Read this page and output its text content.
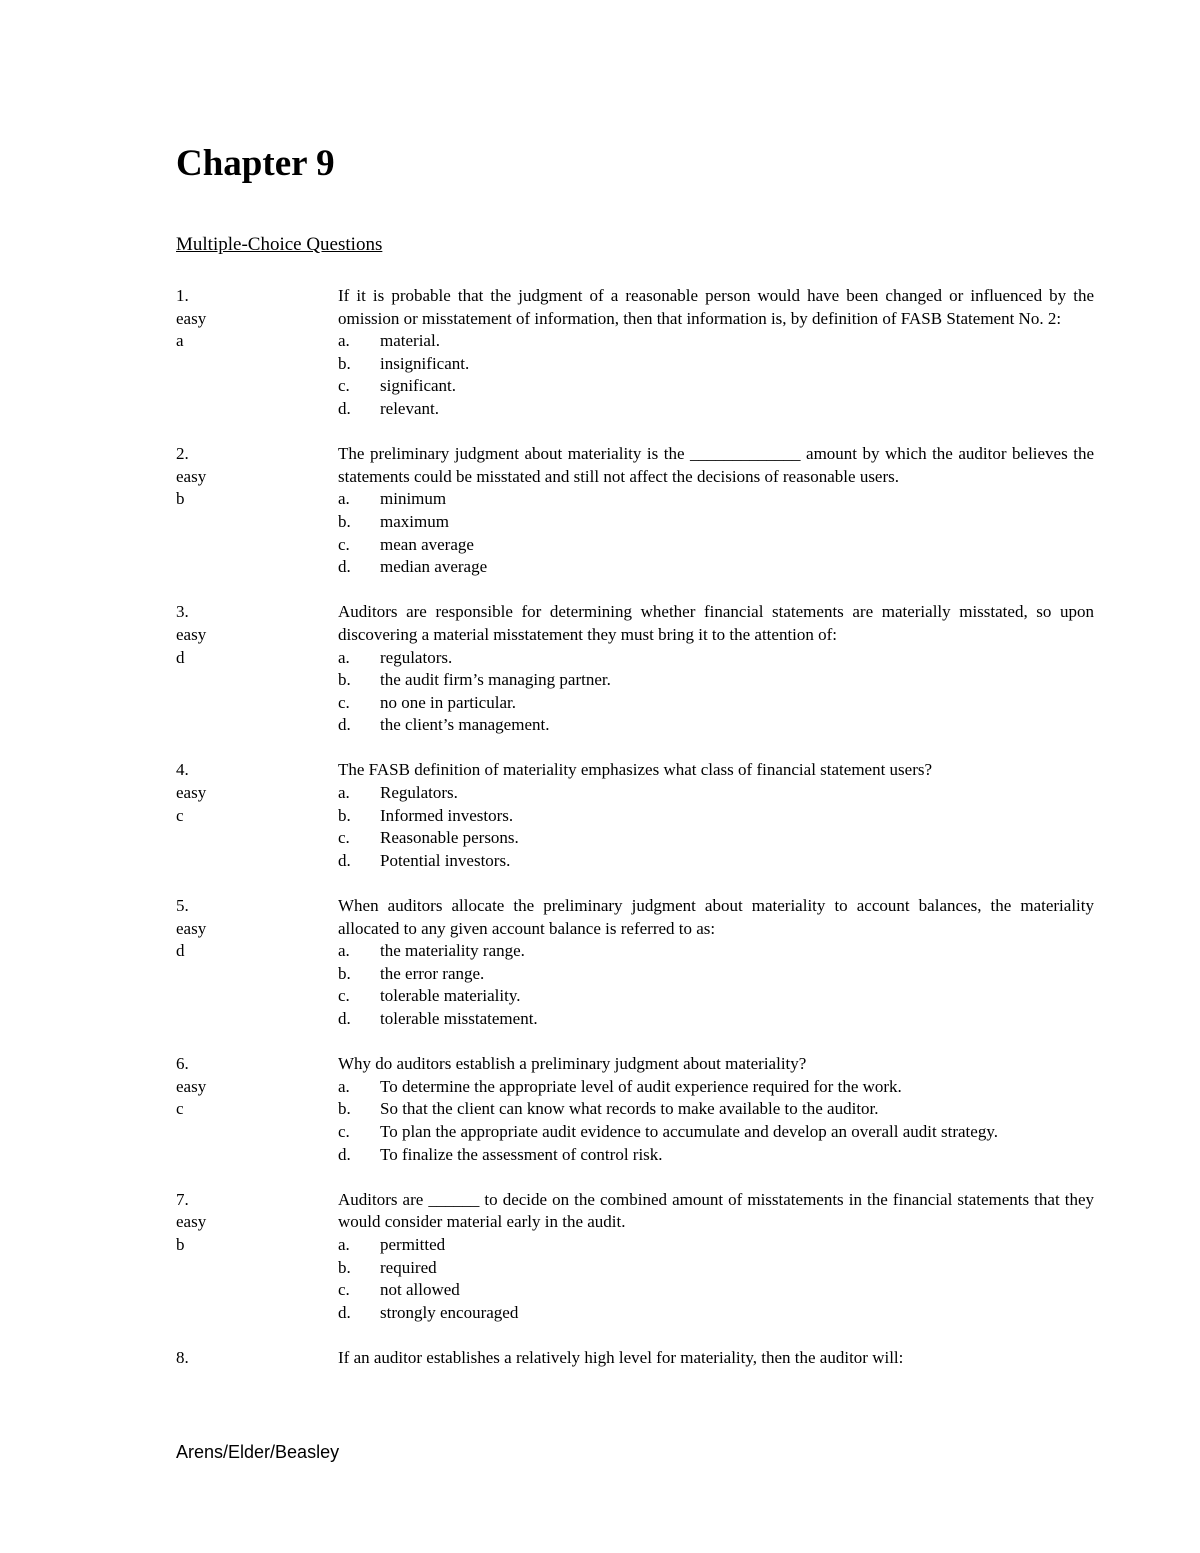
Chapter 9
Multiple-Choice Questions
1.
easy
a
If it is probable that the judgment of a reasonable person would have been changed or influenced by the omission or misstatement of information, then that information is, by definition of FASB Statement No. 2:
a.	material.
b.	insignificant.
c.	significant.
d.	relevant.
2.
easy
b
The preliminary judgment about materiality is the _____________ amount by which the auditor believes the statements could be misstated and still not affect the decisions of reasonable users.
a.	minimum
b.	maximum
c.	mean average
d.	median average
3.
easy
d
Auditors are responsible for determining whether financial statements are materially misstated, so upon discovering a material misstatement they must bring it to the attention of:
a.	regulators.
b.	the audit firm’s managing partner.
c.	no one in particular.
d.	the client’s management.
4.
easy
c
The FASB definition of materiality emphasizes what class of financial statement users?
a.	Regulators.
b.	Informed investors.
c.	Reasonable persons.
d.	Potential investors.
5.
easy
d
When auditors allocate the preliminary judgment about materiality to account balances, the materiality allocated to any given account balance is referred to as:
a.	the materiality range.
b.	the error range.
c.	tolerable materiality.
d.	tolerable misstatement.
6.
easy
c
Why do auditors establish a preliminary judgment about materiality?
a.	To determine the appropriate level of audit experience required for the work.
b.	So that the client can know what records to make available to the auditor.
c.	To plan the appropriate audit evidence to accumulate and develop an overall audit strategy.
d.	To finalize the assessment of control risk.
7.
easy
b
Auditors are ______ to decide on the combined amount of misstatements in the financial statements that they would consider material early in the audit.
a.	permitted
b.	required
c.	not allowed
d.	strongly encouraged
8.	If an auditor establishes a relatively high level for materiality, then the auditor will:
Arens/Elder/Beasley
